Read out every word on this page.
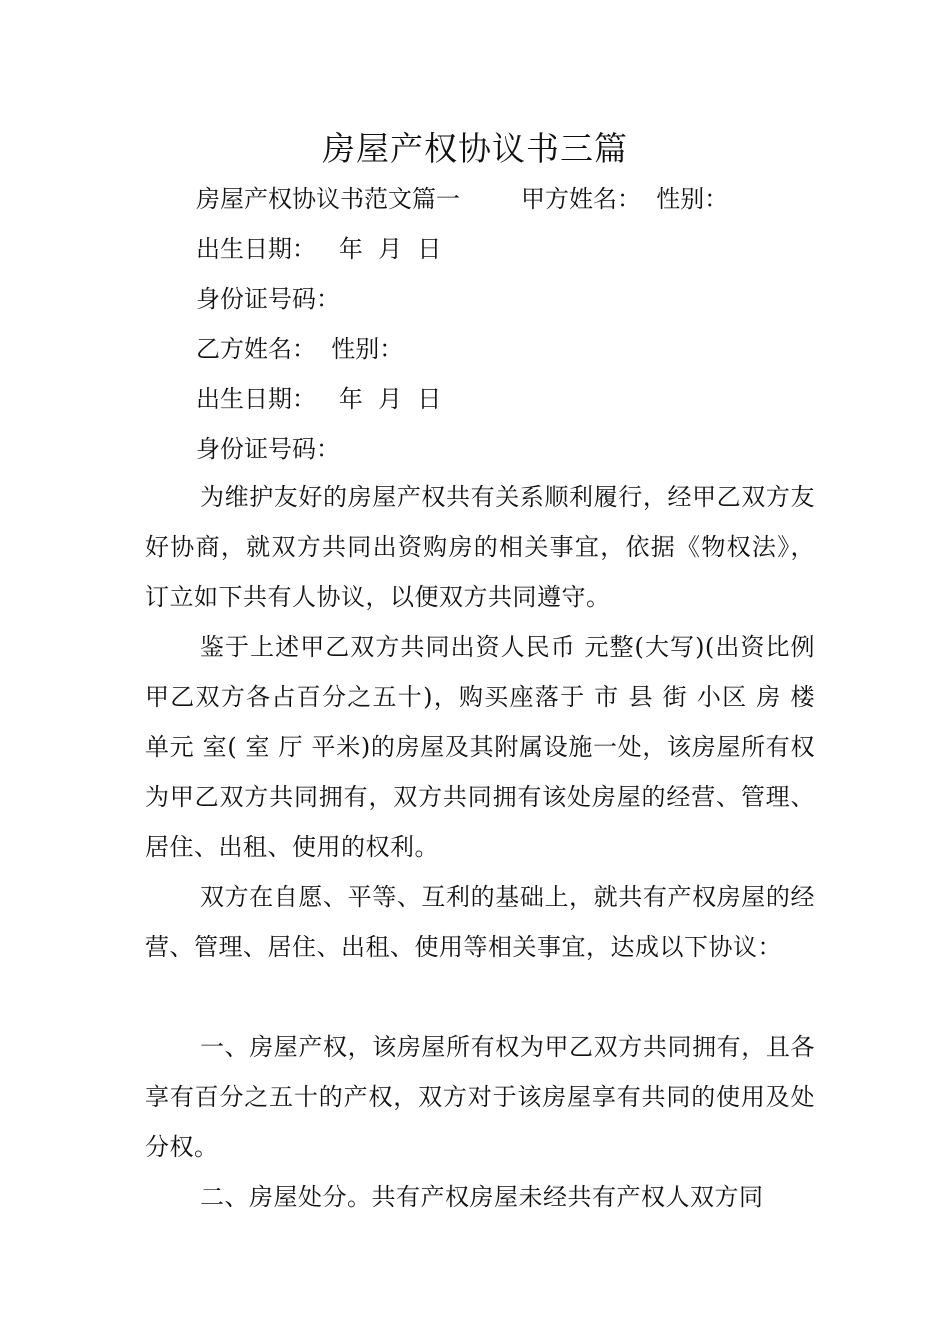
房屋产权协议书三篇
房屋产权协议书范文篇一        甲方姓名：  性别：
出生日期：   年  月  日
身份证号码：
乙方姓名：  性别：
出生日期：   年  月  日
身份证号码：
为维护友好的房屋产权共有关系顺利履行，经甲乙双方友好协商，就双方共同出资购房的相关事宜，依据《物权法》，订立如下共有人协议，以便双方共同遵守。
鉴于上述甲乙双方共同出资人民币 元整(大写)(出资比例甲乙双方各占百分之五十)，购买座落于 市 县 街 小区 房 楼 单元 室( 室 厅 平米)的房屋及其附属设施一处，该房屋所有权为甲乙双方共同拥有，双方共同拥有该处房屋的经营、管理、居住、出租、使用的权利。
双方在自愿、平等、互利的基础上，就共有产权房屋的经营、管理、居住、出租、使用等相关事宜，达成以下协议：
一、房屋产权，该房屋所有权为甲乙双方共同拥有，且各享有百分之五十的产权，双方对于该房屋享有共同的使用及处分权。
二、房屋处分。共有产权房屋未经共有产权人双方同
